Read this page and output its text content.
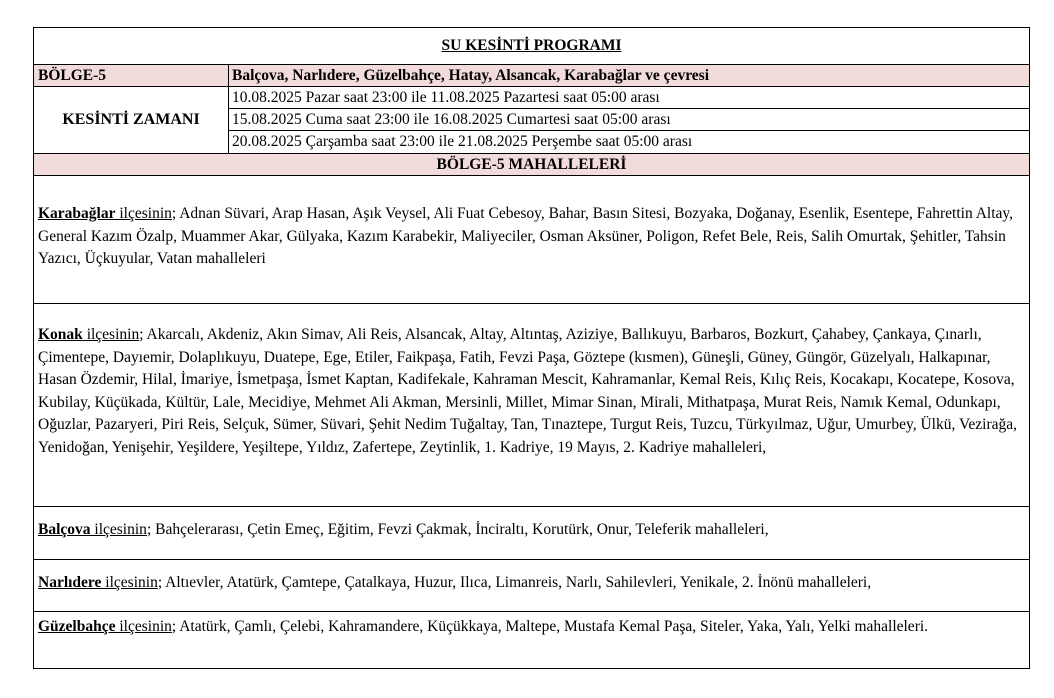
SU KESİNTİ PROGRAMI
BÖLGE-5	Balçova, Narlıdere, Güzelbahçe, Hatay, Alsancak, Karabağlar ve çevresi
KESİNTİ ZAMANI
10.08.2025 Pazar saat 23:00 ile 11.08.2025 Pazartesi saat 05:00 arası
15.08.2025 Cuma saat 23:00 ile 16.08.2025 Cumartesi saat 05:00 arası
20.08.2025 Çarşamba saat 23:00 ile 21.08.2025 Perşembe saat 05:00 arası
BÖLGE-5 MAHALLELERİ
Karabağlar ilçesinin; Adnan Süvari, Arap Hasan, Aşık Veysel, Ali Fuat Cebesoy, Bahar, Basın Sitesi, Bozyaka, Doğanay, Esenlik, Esentepe, Fahrettin Altay, General Kazım Özalp, Muammer Akar, Gülyaka, Kazım Karabekir, Maliyeciler, Osman Aksüner, Poligon, Refet Bele, Reis, Salih Omurtak, Şehitler, Tahsin Yazıcı, Üçkuyular, Vatan mahalleleri
Konak ilçesinin; Akarcalı, Akdeniz, Akın Simav, Ali Reis, Alsancak, Altay, Altıntaş, Aziziye, Ballıkuyu, Barbaros, Bozkurt, Çahabey, Çankaya, Çınarlı, Çimentepe, Dayıemir, Dolaplıkuyu, Duatepe, Ege, Etiler, Faikpaşa, Fatih, Fevzi Paşa, Göztepe (kısmen), Güneşli, Güney, Güngör, Güzelyalı, Halkapınar, Hasan Özdemir, Hilal, İmariye, İsmetpaşa, İsmet Kaptan, Kadifekale, Kahraman Mescit, Kahramanlar, Kemal Reis, Kılıç Reis, Kocakapı, Kocatepe, Kosova, Kubilay, Küçükada, Kültür, Lale, Mecidiye, Mehmet Ali Akman, Mersinli, Millet, Mimar Sinan, Mirali, Mithatpaşa, Murat Reis, Namık Kemal, Odunkapı, Oğuzlar, Pazaryeri, Piri Reis, Selçuk, Sümer, Süvari, Şehit Nedim Tuğaltay, Tan, Tınaztepe, Turgut Reis, Tuzcu, Türkyılmaz, Uğur, Umurbey, Ülkü, Vezirağa, Yenidoğan, Yenişehir, Yeşildere, Yeşiltepe, Yıldız, Zafertepe, Zeytinlik, 1. Kadriye, 19 Mayıs, 2. Kadriye mahalleleri,
Balçova ilçesinin; Bahçelerarası, Çetin Emeç, Eğitim, Fevzi Çakmak, İnciraltı, Korutürk, Onur, Teleferik mahalleleri,
Narlıdere ilçesinin; Altıevler, Atatürk, Çamtepe, Çatalkaya, Huzur, Ilıca, Limanreis, Narlı, Sahilevleri, Yenikale, 2. İnönü mahalleleri,
Güzelbahçe ilçesinin; Atatürk, Çamlı, Çelebi, Kahramandere, Küçükkaya, Maltepe, Mustafa Kemal Paşa, Siteler, Yaka, Yalı, Yelki mahalleleri.
